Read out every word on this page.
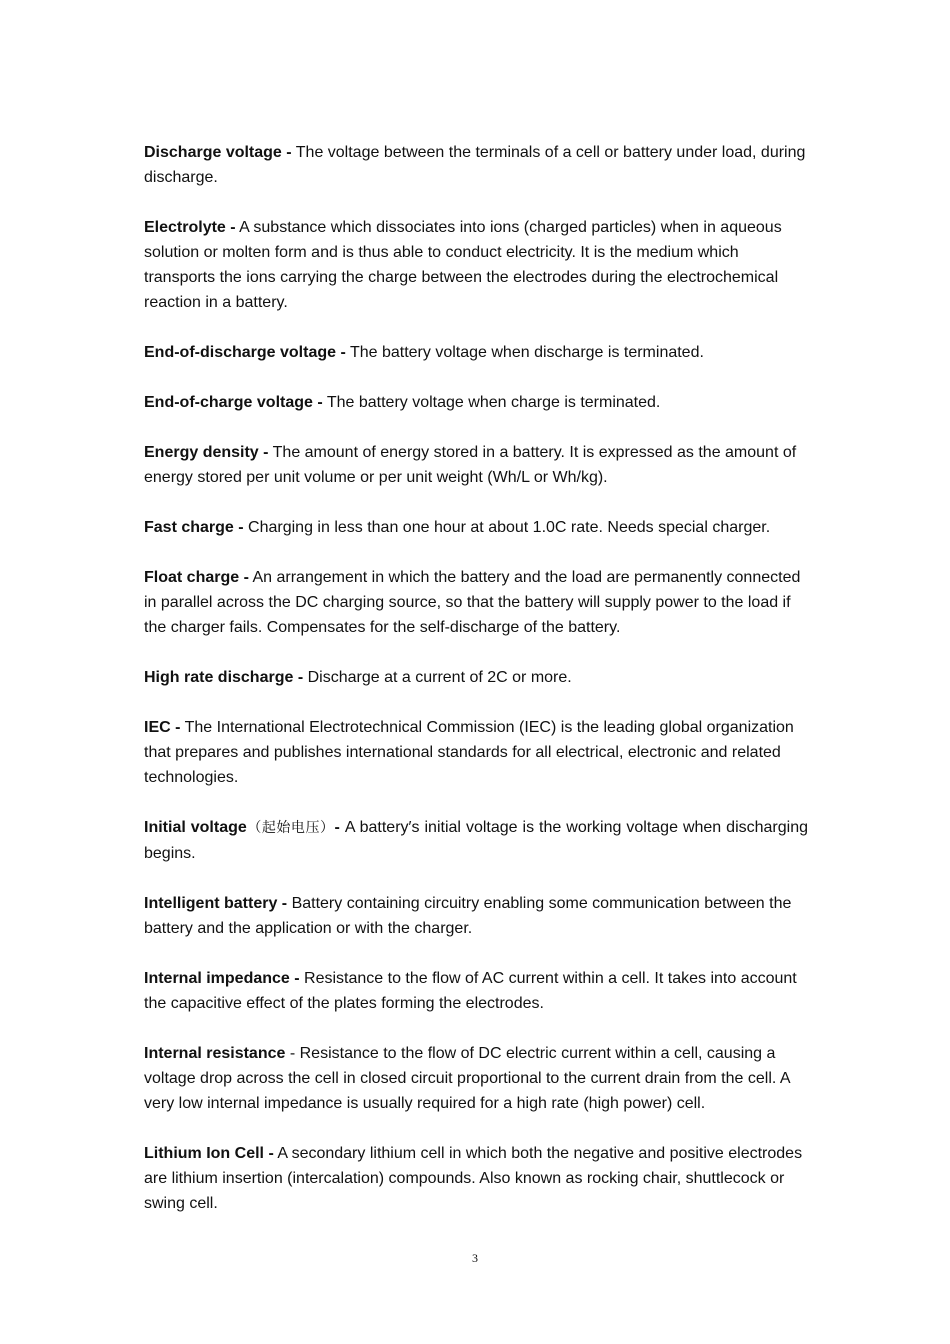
Discharge voltage - The voltage between the terminals of a cell or battery under load, during discharge.

Electrolyte - A substance which dissociates into ions (charged particles) when in aqueous solution or molten form and is thus able to conduct electricity. It is the medium which transports the ions carrying the charge between the electrodes during the electrochemical reaction in a battery.

End-of-discharge voltage - The battery voltage when discharge is terminated.

End-of-charge voltage - The battery voltage when charge is terminated.

Energy density - The amount of energy stored in a battery. It is expressed as the amount of energy stored per unit volume or per unit weight (Wh/L or Wh/kg).

Fast charge - Charging in less than one hour at about 1.0C rate. Needs special charger.

Float charge - An arrangement in which the battery and the load are permanently connected in parallel across the DC charging source, so that the battery will supply power to the load if the charger fails. Compensates for the self-discharge of the battery.

High rate discharge - Discharge at a current of 2C or more.

IEC - The International Electrotechnical Commission (IEC) is the leading global organization that prepares and publishes international standards for all electrical, electronic and related technologies.

Initial voltage（起始电压）- A battery′s initial voltage is the working voltage when discharging begins.

Intelligent battery - Battery containing circuitry enabling some communication between the battery and the application or with the charger.

Internal impedance - Resistance to the flow of AC current within a cell. It takes into account the capacitive effect of the plates forming the electrodes.

Internal resistance - Resistance to the flow of DC electric current within a cell, causing a voltage drop across the cell in closed circuit proportional to the current drain from the cell. A very low internal impedance is usually required for a high rate (high power) cell.

Lithium Ion Cell - A secondary lithium cell in which both the negative and positive electrodes are lithium insertion (intercalation) compounds. Also known as rocking chair, shuttlecock or swing cell.

3
